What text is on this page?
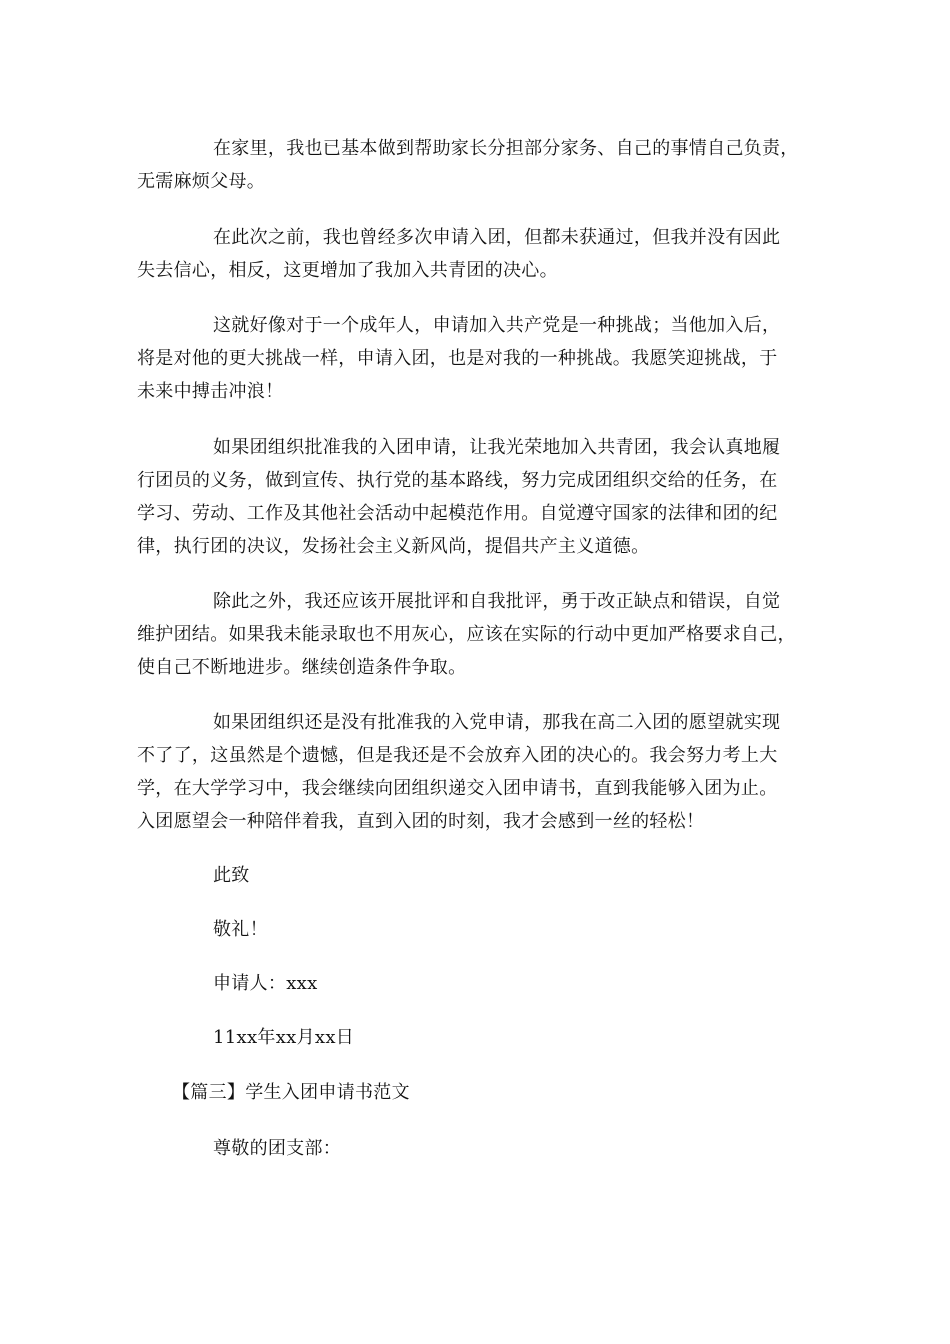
在家里，我也已基本做到帮助家长分担部分家务、自己的事情自己负责，
无需麻烦父母。
在此次之前，我也曾经多次申请入团，但都未获通过，但我并没有因此
失去信心，相反，这更增加了我加入共青团的决心。
这就好像对于一个成年人，申请加入共产党是一种挑战；当他加入后，
将是对他的更大挑战一样，申请入团，也是对我的一种挑战。我愿笑迎挑战，于
未来中搏击冲浪！
如果团组织批准我的入团申请，让我光荣地加入共青团，我会认真地履
行团员的义务，做到宣传、执行党的基本路线，努力完成团组织交给的任务，在
学习、劳动、工作及其他社会活动中起模范作用。自觉遵守国家的法律和团的纪
律，执行团的决议，发扬社会主义新风尚，提倡共产主义道德。
除此之外，我还应该开展批评和自我批评，勇于改正缺点和错误，自觉
维护团结。如果我未能录取也不用灰心，应该在实际的行动中更加严格要求自己，
使自己不断地进步。继续创造条件争取。
如果团组织还是没有批准我的入党申请，那我在高二入团的愿望就实现
不了了，这虽然是个遗憾，但是我还是不会放弃入团的决心的。我会努力考上大
学，在大学学习中，我会继续向团组织递交入团申请书，直到我能够入团为止。
入团愿望会一种陪伴着我，直到入团的时刻，我才会感到一丝的轻松！
此致
敬礼！
申请人：xxx
11xx年xx月xx日
【篇三】学生入团申请书范文
尊敬的团支部：
